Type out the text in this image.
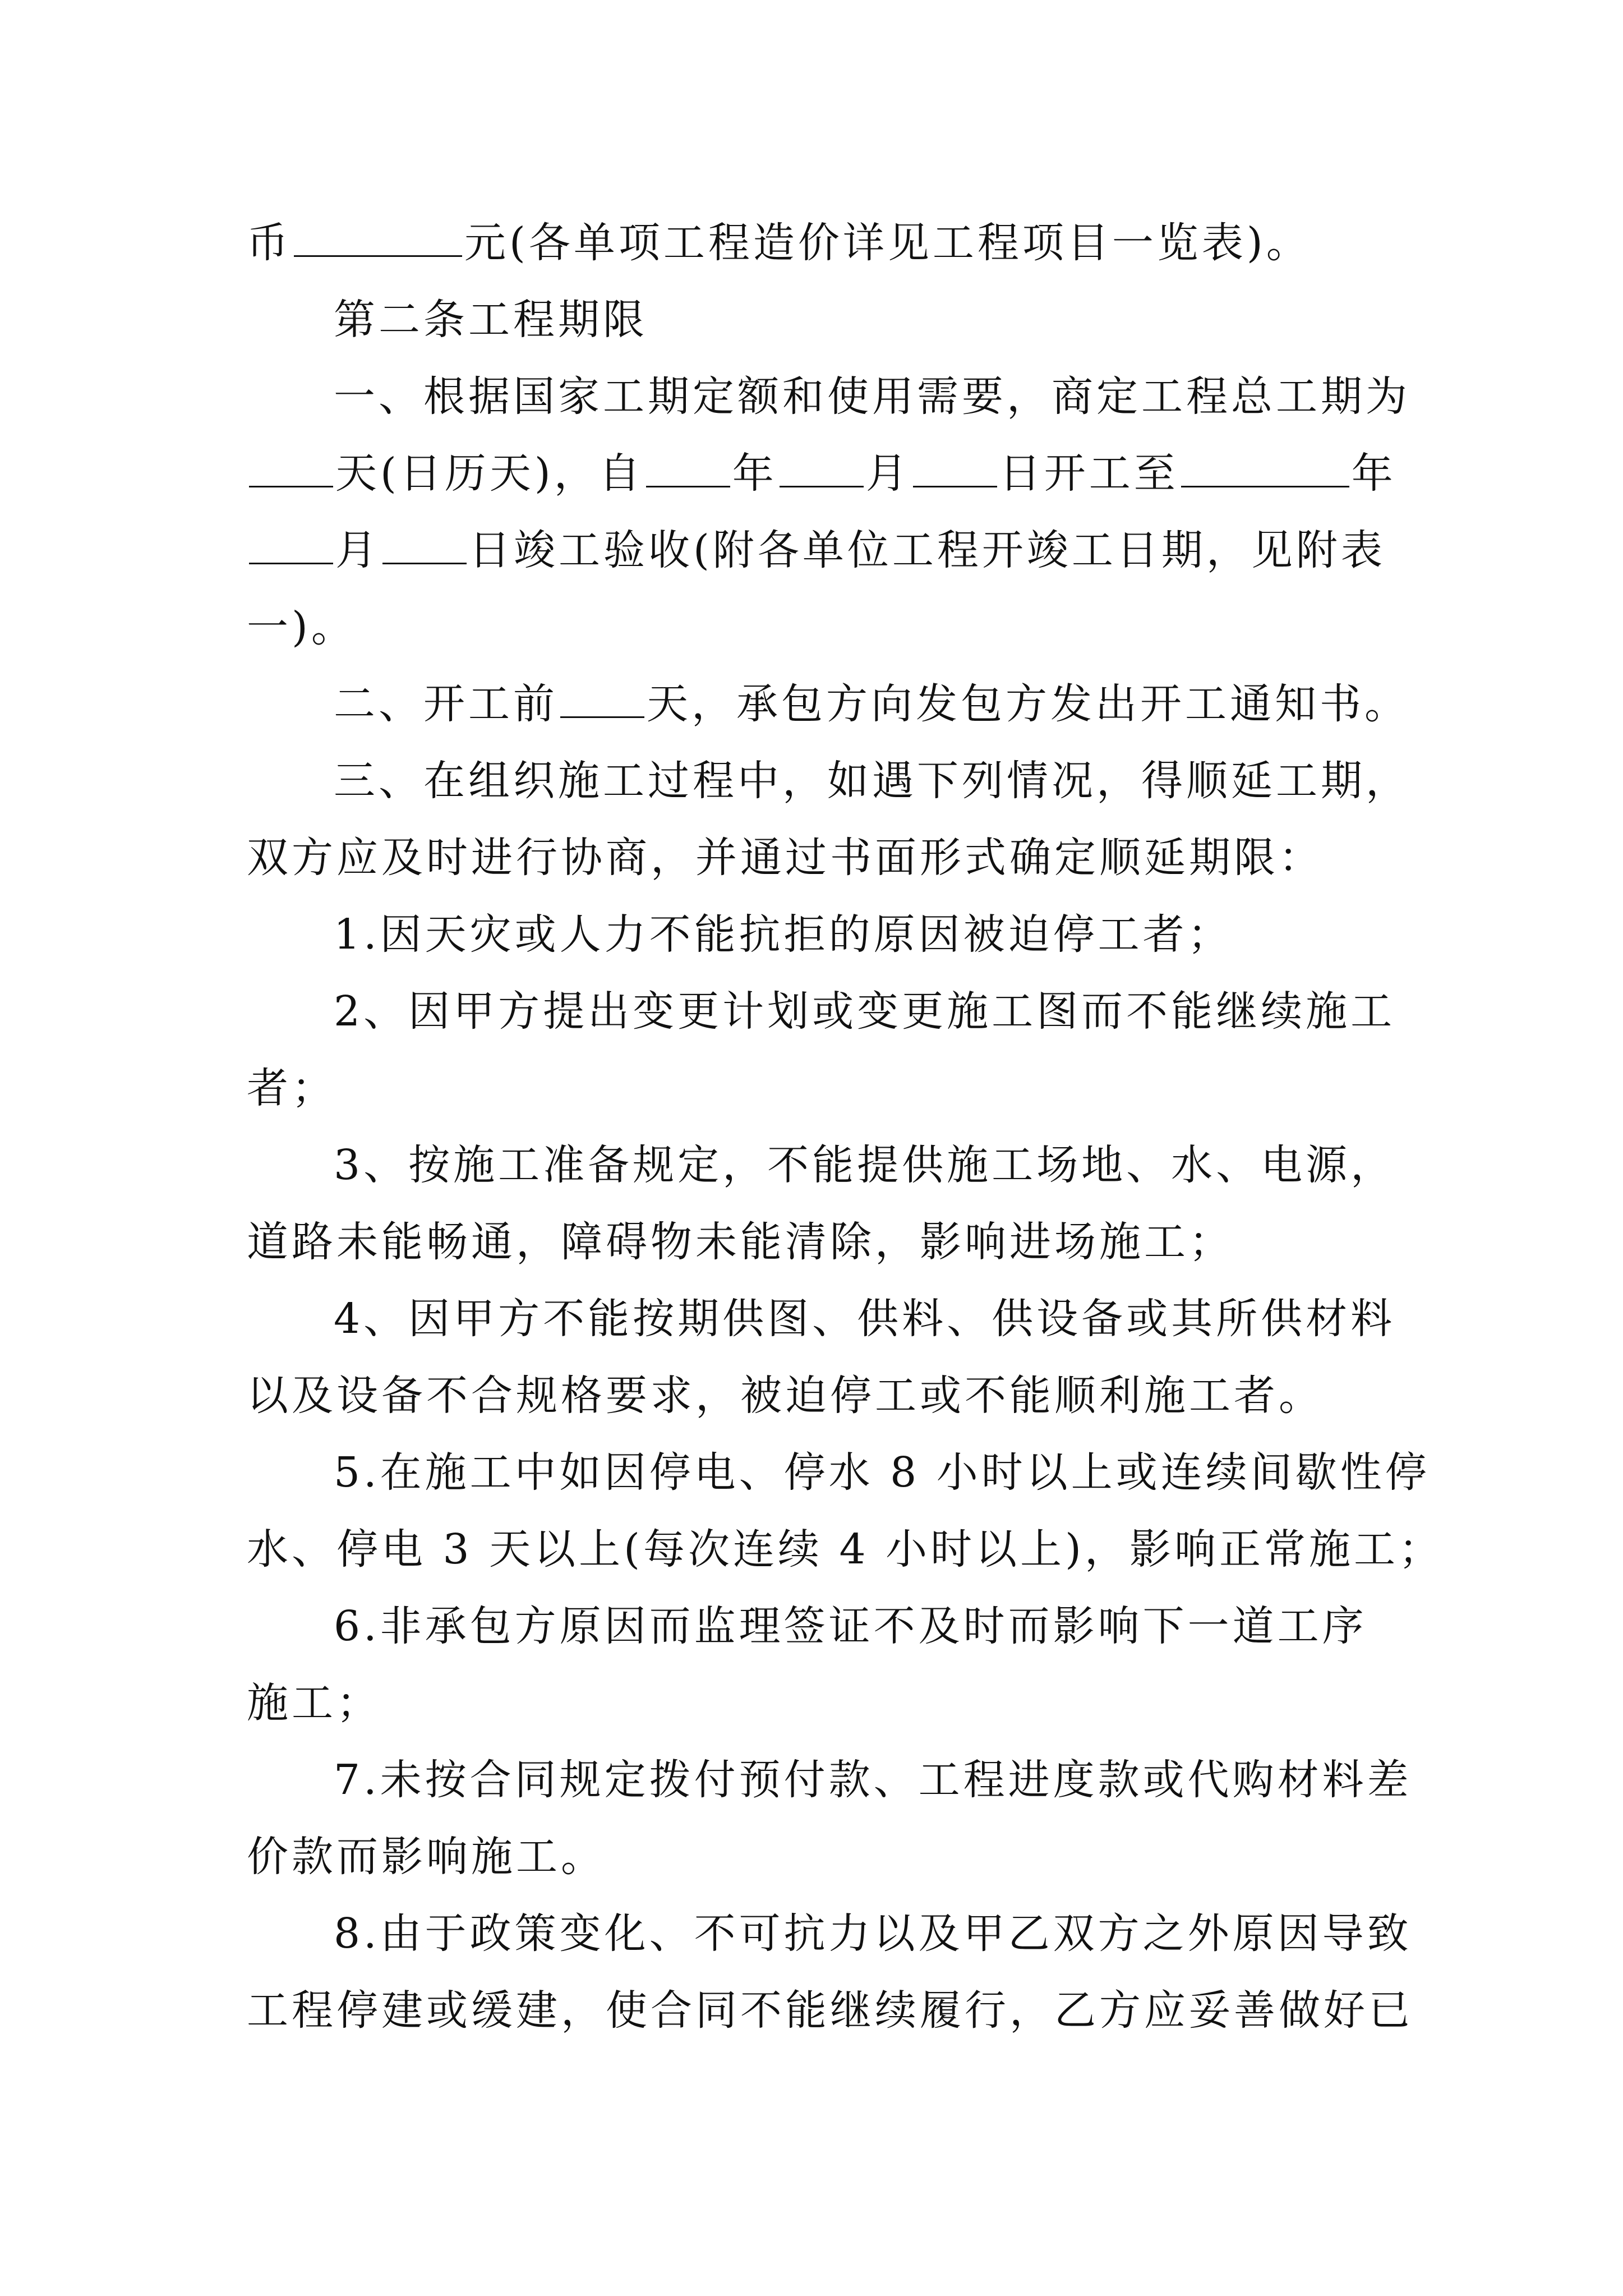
币	元(各单项工程造价详见工程项目一览表)。
第二条工程期限
一、根据国家工期定额和使用需要，商定工程总工期为
天(日历天)，自 年 月 日开工至	年
月 日竣工验收(附各单位工程开竣工日期，见附表
一)。
二、开工前 天，承包方向发包方发出开工通知书。
三、在组织施工过程中，如遇下列情况，得顺延工期，
双方应及时进行协商，并通过书面形式确定顺延期限：
1.因天灾或人力不能抗拒的原因被迫停工者；
2、因甲方提出变更计划或变更施工图而不能继续施工
者；
3、按施工准备规定，不能提供施工场地、水、电源，
道路未能畅通，障碍物未能清除，影响进场施工；
4、因甲方不能按期供图、供料、供设备或其所供材料
以及设备不合规格要求，被迫停工或不能顺利施工者。
5.在施工中如因停电、停水 8 小时以上或连续间歇性停
水、停电 3 天以上(每次连续 4 小时以上)，影响正常施工；
6.非承包方原因而监理签证不及时而影响下一道工序
施工；
7.未按合同规定拨付预付款、工程进度款或代购材料差
价款而影响施工。
8.由于政策变化、不可抗力以及甲乙双方之外原因导致
工程停建或缓建，使合同不能继续履行，乙方应妥善做好已
